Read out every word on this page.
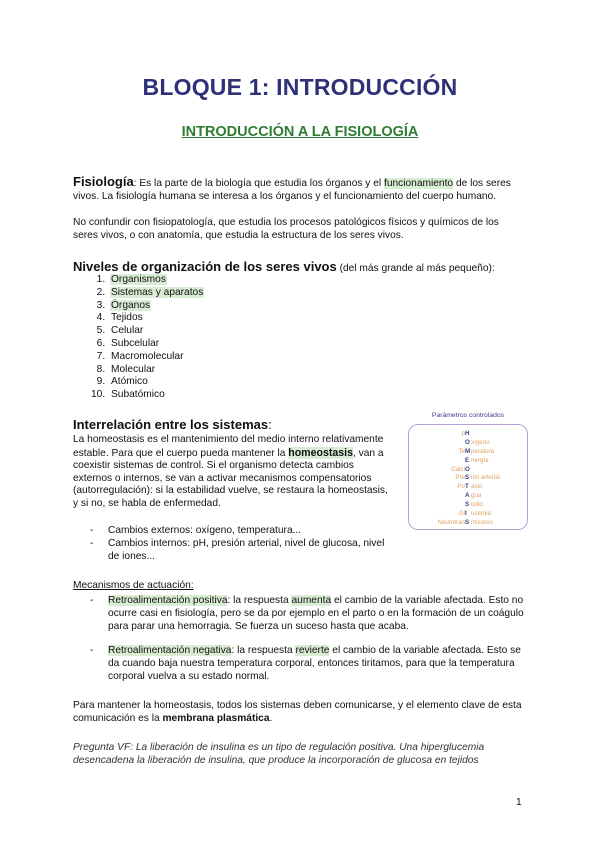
BLOQUE 1: INTRODUCCIÓN
INTRODUCCIÓN A LA FISIOLOGÍA
Fisiología: Es la parte de la biología que estudia los órganos y el funcionamiento de los seres vivos. La fisiología humana se interesa a los órganos y el funcionamiento del cuerpo humano.
No confundir con fisiopatología, que estudia los procesos patológicos físicos y químicos de los seres vivos, o con anatomía, que estudia la estructura de los seres vivos.
Niveles de organización de los seres vivos (del más grande al más pequeño):
1. Organismos
2. Sistemas y aparatos
3. Órganos
4. Tejidos
5. Celular
6. Subcelular
7. Macromolecular
8. Molecular
9. Atómico
10. Subatómico
Interrelación entre los sistemas:
La homeostasis es el mantenimiento del medio interno relativamente estable. Para que el cuerpo pueda mantener la homeostasis, van a coexistir sistemas de control. Si el organismo detecta cambios externos o internos, se van a activar mecanismos compensatorios (autorregulación): si la estabilidad vuelve, se restaura la homeostasis, y si no, se habla de enfermedad.
- Cambios externos: oxígeno, temperatura...
- Cambios internos: pH, presión arterial, nivel de glucosa, nivel de iones...
Parámetros controlados
p H
O xígeno
Te M peratura
E nergía
Calci O
Pre S ión arterial
Po T asio
A gua
S odio
Gl I ucemia
Neurotran S misores
Mecanismos de actuación:
- Retroalimentación positiva: la respuesta aumenta el cambio de la variable afectada. Esto no ocurre casi en fisiología, pero se da por ejemplo en el parto o en la formación de un coágulo para parar una hemorragia. Se fuerza un suceso hasta que acaba.
- Retroalimentación negativa: la respuesta revierte el cambio de la variable afectada. Esto se da cuando baja nuestra temperatura corporal, entonces tiritamos, para que la temperatura corporal vuelva a su estado normal.
Para mantener la homeostasis, todos los sistemas deben comunicarse, y el elemento clave de esta comunicación es la membrana plasmática.
Pregunta VF: La liberación de insulina es un tipo de regulación positiva. Una hiperglucemia desencadena la liberación de insulina, que produce la incorporación de glucosa en tejidos
1
